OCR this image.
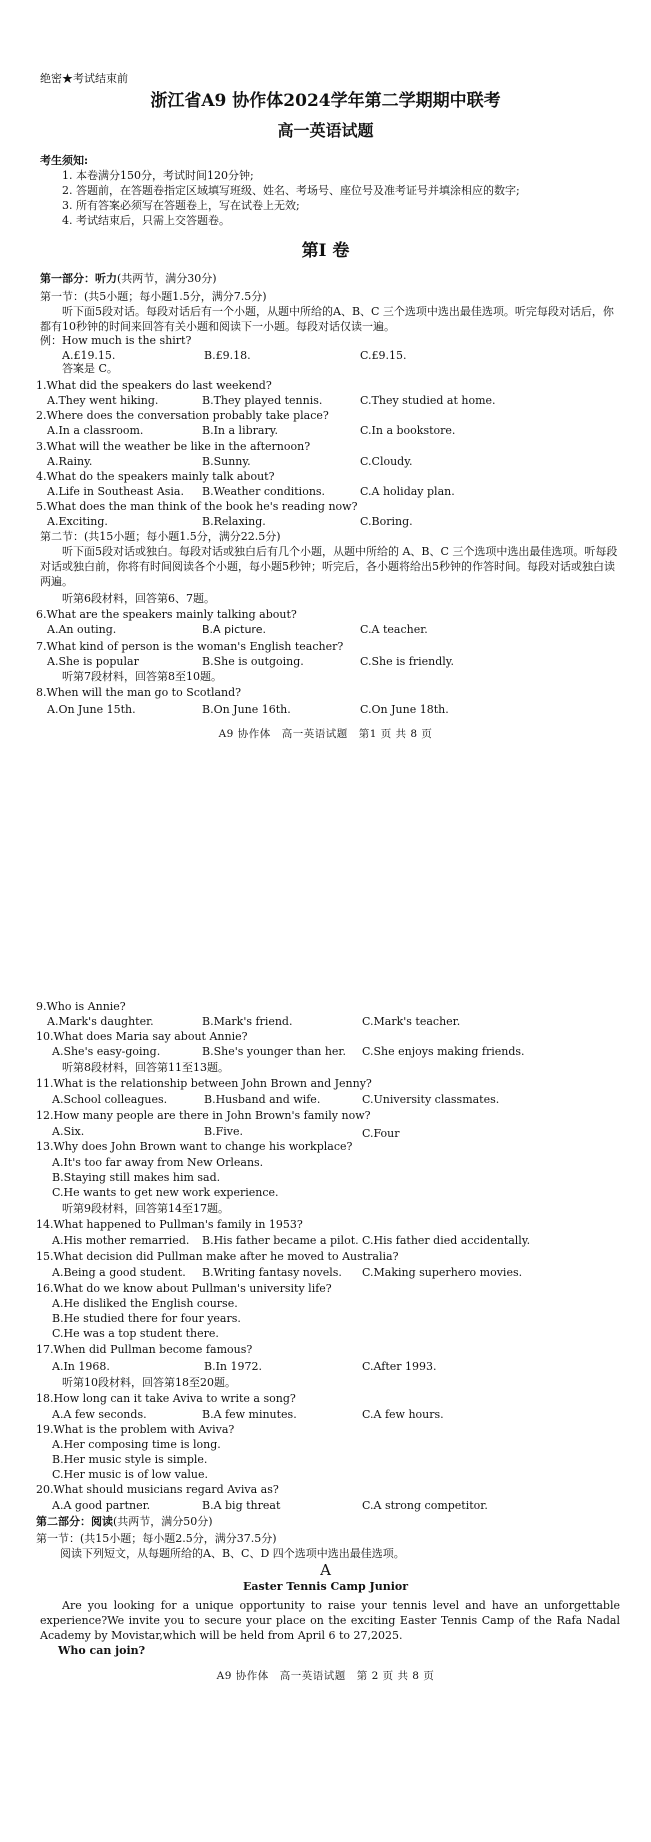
绝密★考试结束前
浙江省A9 协作体2024学年第二学期期中联考
高一英语试题
考生须知:
1. 本卷满分150分，考试时间120分钟;
2. 答题前，在答题卷指定区域填写班级、姓名、考场号、座位号及准考证号并填涂相应的数字;
3. 所有答案必须写在答题卷上，写在试卷上无效;
4. 考试结束后，只需上交答题卷。
第I 卷
第一部分：听力(共两节，满分30分)
第一节：(共5小题；每小题1.5分，满分7.5分)
听下面5段对话。每段对话后有一个小题，从题中所给的A、B、C 三个选项中选出最佳选项。听完每段对话后，你都有10秒钟的时间来回答有关小题和阅读下一小题。每段对话仅读一遍。
例：How much is the shirt?
A.£19.15.	B.£9.18.	C.£9.15.
答案是 C。
1.What did the speakers do last weekend?
A.They went hiking.	B.They played tennis.	C.They studied at home.
2.Where does the conversation probably take place?
A.In a classroom.	B.In a library.	C.In a bookstore.
3.What will the weather be like in the afternoon?
A.Rainy.	B.Sunny.	C.Cloudy.
4.What do the speakers mainly talk about?
A.Life in Southeast Asia. B.Weather conditions.	C.A holiday plan.
5.What does the man think of the book he's reading now?
A.Exciting.	B.Relaxing.	C.Boring.
第二节：(共15小题；每小题1.5分，满分22.5分)
听下面5段对话或独白。每段对话或独白后有几个小题，从题中所给的 A、B、C 三个选项中选出最佳选项。听每段对话或独白前，你将有时间阅读各个小题，每小题5秒钟；听完后，各小题将给出5秒钟的作答时间。每段对话或独白读两遍。
听第6段材料，回答第6、7题。
6.What are the speakers mainly talking about?
A.An outing.	B.A picture.	C.A teacher.
7.What kind of person is the woman's English teacher?
A.She is popular	B.She is outgoing.	C.She is friendly.
听第7段材料，回答第8至10题。
8.When will the man go to Scotland?
A.On June 15th.	B.On June 16th.	C.On June 18th.
A9 协作体　高一英语试题　第1 页 共 8 页
9.Who is Annie?
A.Mark's daughter.	B.Mark's friend.	C.Mark's teacher.
10.What does Maria say about Annie?
A.She's easy-going.	B.She's younger than her. C.She enjoys making friends.
听第8段材料，回答第11至13题。
11.What is the relationship between John Brown and Jenny?
A.School colleagues.	B.Husband and wife.	C.University classmates.
12.How many people are there in John Brown's family now?
A.Six.	B.Five.	C.Four
13.Why does John Brown want to change his workplace?
A.It's too far away from New Orleans.
B.Staying still makes him sad.
C.He wants to get new work experience.
听第9段材料，回答第14至17题。
14.What happened to Pullman's family in 1953?
A.His mother remarried. B.His father became a pilot. C.His father died accidentally.
15.What decision did Pullman make after he moved to Australia?
A.Being a good student. B.Writing fantasy novels. C.Making superhero movies.
16.What do we know about Pullman's university life?
A.He disliked the English course.
B.He studied there for four years.
C.He was a top student there.
17.When did Pullman become famous?
A.In 1968.	B.In 1972.	C.After 1993.
听第10段材料，回答第18至20题。
18.How long can it take Aviva to write a song?
A.A few seconds.	B.A few minutes.	C.A few hours.
19.What is the problem with Aviva?
A.Her composing time is long.
B.Her music style is simple.
C.Her music is of low value.
20.What should musicians regard Aviva as?
A.A good partner.	B.A big threat	C.A strong competitor.
第二部分：阅读(共两节，满分50分)
第一节：(共15小题；每小题2.5分，满分37.5分)
阅读下列短文，从每题所给的A、B、C、D 四个选项中选出最佳选项。
A
Easter Tennis Camp Junior
Are you looking for a unique opportunity to raise your tennis level and have an unforgettable experience?We invite you to secure your place on the exciting Easter Tennis Camp of the Rafa Nadal Academy by Movistar,which will be held from April 6 to 27,2025.
Who can join?
A9 协作体　高一英语试题　第 2 页 共 8 页
